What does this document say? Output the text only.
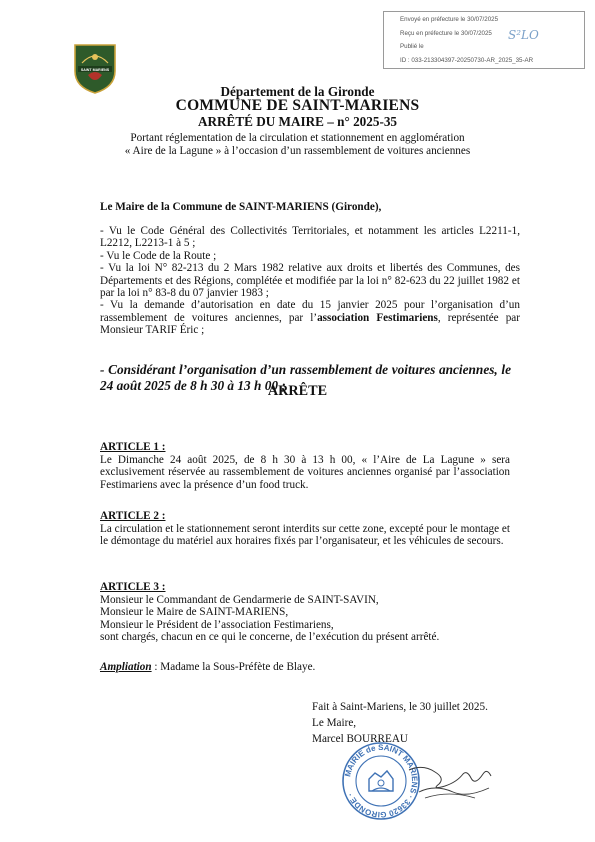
Envoyé en préfecture le 30/07/2025
Reçu en préfecture le 30/07/2025
Publié le
ID : 033-213304397-20250730-AR_2025_35-AR
S²LO
SAINT MARIENS
Département de la Gironde
COMMUNE DE SAINT-MARIENS
ARRÊTÉ DU MAIRE – n° 2025-35
Portant réglementation de la circulation et stationnement en agglomération
« Aire de la Lagune » à l’occasion d’un rassemblement de voitures anciennes
Le Maire de la Commune de SAINT-MARIENS (Gironde),

- Vu le Code Général des Collectivités Territoriales, et notamment les articles L2211-1, L2212, L2213-1 à 5 ;

- Vu le Code de la Route ;

- Vu la loi N° 82-213 du 2 Mars 1982 relative aux droits et libertés des Communes, des Départements et des Régions, complétée et modifiée par la loi n° 82-623 du 22 juillet 1982 et par la loi n° 83-8 du 07 janvier 1983 ;

- Vu la demande d’autorisation en date du 15 janvier 2025 pour l’organisation d’un rassemblement de voitures anciennes, par l’association Festimariens, représentée par Monsieur TARIF Éric ;

- Considérant l’organisation d’un rassemblement de voitures anciennes, le 24 août 2025 de 8 h 30 à 13 h 00 ;
ARRÊTE
ARTICLE 1 :

Le Dimanche 24 août 2025, de 8 h 30 à 13 h 00, « l’Aire de La Lagune » sera exclusivement réservée au rassemblement de voitures anciennes organisé par l’association Festimariens avec la présence d’un food truck.

ARTICLE 2 :

La circulation et le stationnement seront interdits sur cette zone, excepté pour le montage et le démontage du matériel aux horaires fixés par l’organisateur, et les véhicules de secours.

ARTICLE 3 :

Monsieur le Commandant de Gendarmerie de SAINT-SAVIN,

Monsieur le Maire de SAINT-MARIENS,

Monsieur le Président de l’association Festimariens,

sont chargés, chacun en ce qui le concerne, de l’exécution du présent arrêté.

Ampliation : Madame la Sous-Préfète de Blaye.
Fait à Saint-Mariens, le 30 juillet 2025.
Le Maire,
Marcel BOURREAU
MAIRIE de SAINT MARIENS · 33620 GIRONDE ·
